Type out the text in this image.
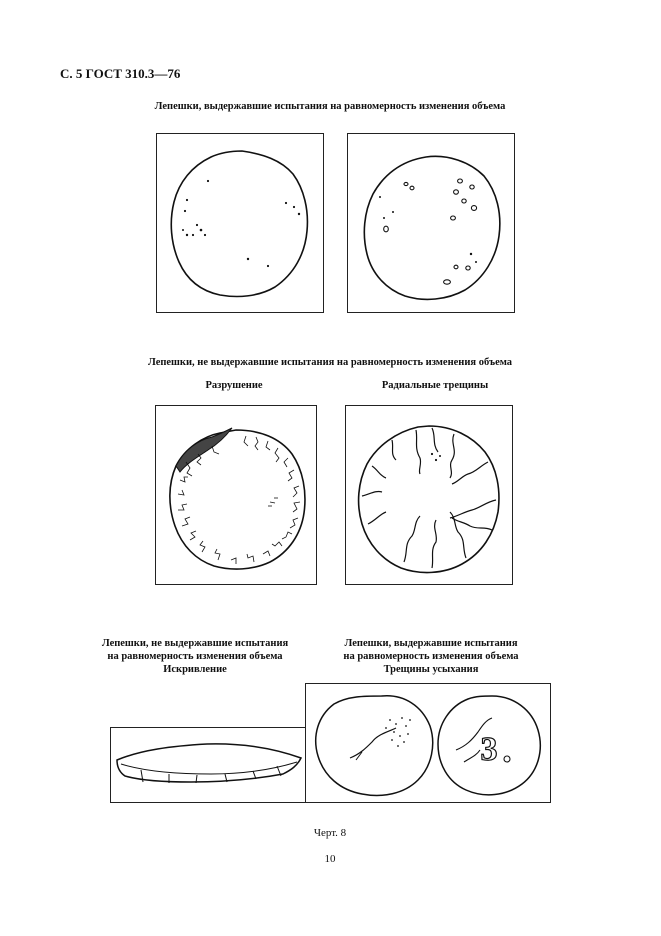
С. 5 ГОСТ 310.3—76
Лепешки, выдержавшие испытания на равномерность изменения объема
Лепешки, не выдержавшие испытания на равномерность изменения объема
Разрушение	Радиальные трещины
Лепешки, не выдержавшие испытания
на равномерность изменения объема
Искривление
Лепешки, выдержавшие испытания
на равномерность изменения объема
Трещины усыхания
3
Черт. 8
10
